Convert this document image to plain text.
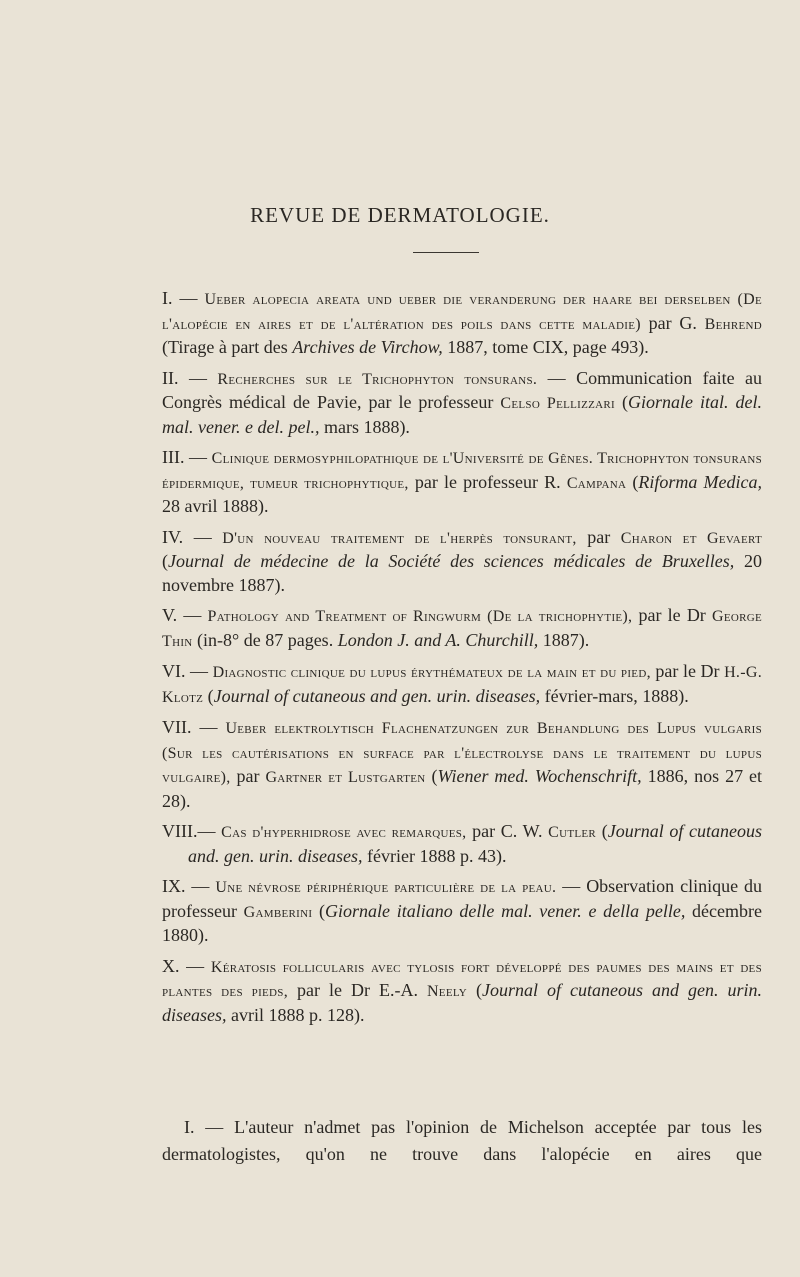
REVUE DE DERMATOLOGIE.

I. — Ueber alopecia areata und ueber die veranderung der haare bei derselben (De l'alopécie en aires et de l'altération des poils dans cette maladie) par G. Behrend (Tirage à part des Archives de Virchow, 1887, tome CIX, page 493).

II. — Recherches sur le Trichophyton tonsurans. — Communication faite au Congrès médical de Pavie, par le professeur Celso Pellizzari (Giornale ital. del. mal. vener. e del. pel., mars 1888).

III. — Clinique dermosyphilopathique de l'Université de Gênes. Trichophyton tonsurans épidermique, tumeur trichophytique, par le professeur R. Campana (Riforma Medica, 28 avril 1888).

IV. — D'un nouveau traitement de l'herpès tonsurant, par Charon et Gevaert (Journal de médecine de la Société des sciences médicales de Bruxelles, 20 novembre 1887).

V. — Pathology and Treatment of Ringwurm (De la trichophytie), par le Dr George Thin (in-8° de 87 pages. London J. and A. Churchill, 1887).

VI. — Diagnostic clinique du lupus érythémateux de la main et du pied, par le Dr H.-G. Klotz (Journal of cutaneous and gen. urin. diseases, février-mars, 1888).

VII. — Ueber elektrolytisch Flachenatzungen zur Behandlung des Lupus vulgaris (Sur les cautérisations en surface par l'électrolyse dans le traitement du lupus vulgaire), par Gartner et Lustgarten (Wiener med. Wochenschrift, 1886, nos 27 et 28).

VIII.— Cas d'hyperhidrose avec remarques, par C. W. Cutler (Journal of cutaneous and. gen. urin. diseases, février 1888 p. 43).

IX. — Une névrose périphérique particulière de la peau. — Observation clinique du professeur Gamberini (Giornale italiano delle mal. vener. e della pelle, décembre 1880).

X. — Kératosis follicularis avec tylosis fort développé des paumes des mains et des plantes des pieds, par le Dr E.-A. Neely (Journal of cutaneous and gen. urin. diseases, avril 1888 p. 128).

I. — L'auteur n'admet pas l'opinion de Michelson acceptée par tous les dermatologistes, qu'on ne trouve dans l'alopécie en aires que
